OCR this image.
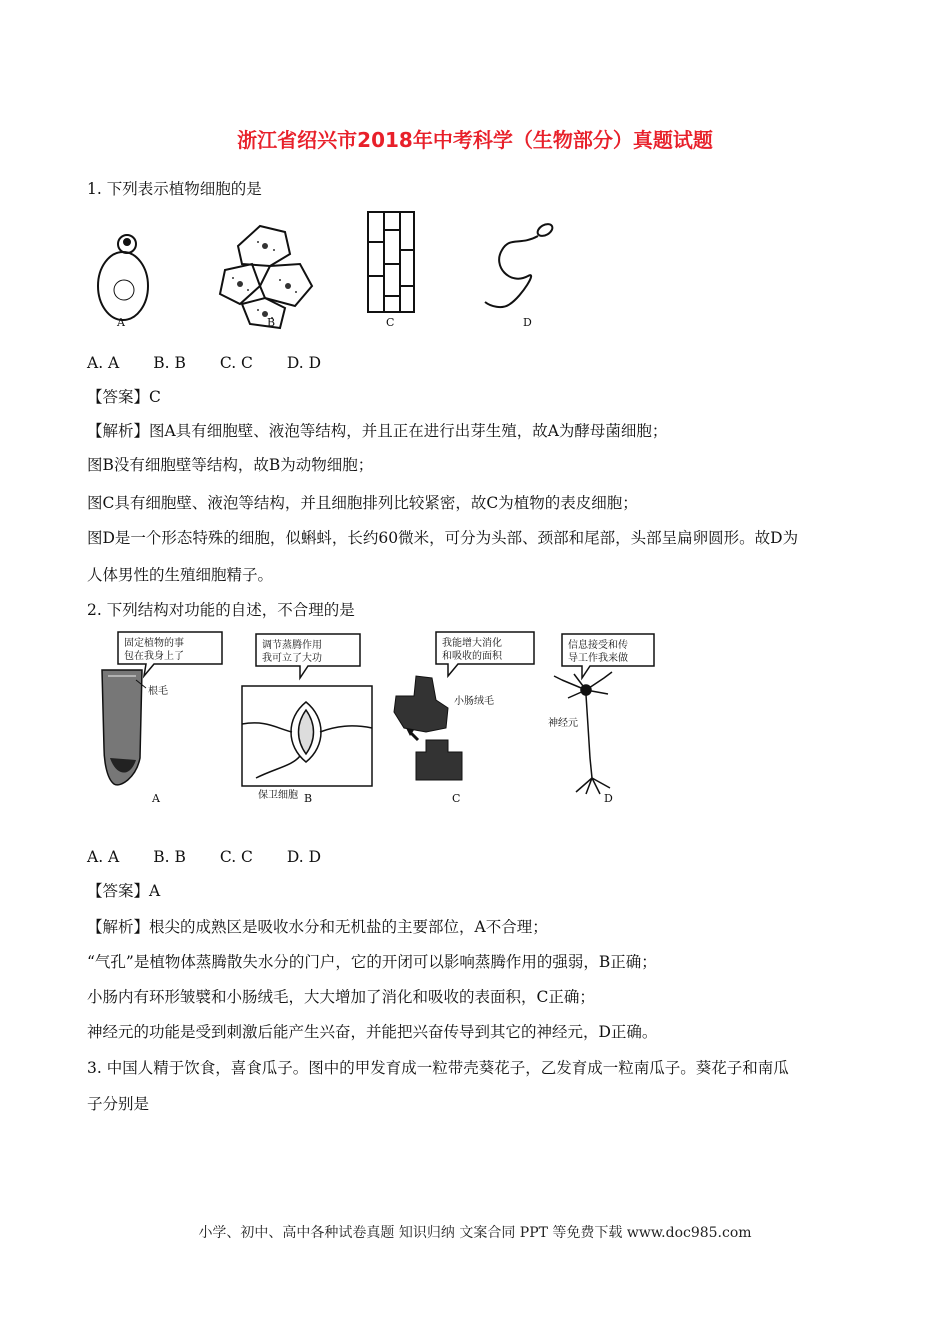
浙江省绍兴市2018年中考科学（生物部分）真题试题
1. 下列表示植物细胞的是
A	B	C	D
A. A B. B C. C D. D
【答案】C
【解析】图A具有细胞壁、液泡等结构，并且正在进行出芽生殖，故A为酵母菌细胞；
图B没有细胞壁等结构，故B为动物细胞；
图C具有细胞壁、液泡等结构，并且细胞排列比较紧密，故C为植物的表皮细胞；
图D是一个形态特殊的细胞，似蝌蚪，长约60微米，可分为头部、颈部和尾部，头部呈扁卵圆形。故D为
人体男性的生殖细胞精子。
2. 下列结构对功能的自述，不合理的是
固定植物的事
包在我身上了
根毛
A
调节蒸腾作用
我可立了大功
保卫细胞 B
我能增大消化
和吸收的面积
小肠绒毛
C
信息接受和传
导工作我来做
神经元
D
A. A B. B C. C D. D
【答案】A
【解析】根尖的成熟区是吸收水分和无机盐的主要部位，A不合理；
“气孔”是植物体蒸腾散失水分的门户，它的开闭可以影响蒸腾作用的强弱，B正确；
小肠内有环形皱襞和小肠绒毛，大大增加了消化和吸收的表面积，C正确；
神经元的功能是受到刺激后能产生兴奋，并能把兴奋传导到其它的神经元，D正确。
3. 中国人精于饮食，喜食瓜子。图中的甲发育成一粒带壳葵花子，乙发育成一粒南瓜子。葵花子和南瓜
子分别是
小学、初中、高中各种试卷真题 知识归纳 文案合同 PPT 等免费下载 www.doc985.com
